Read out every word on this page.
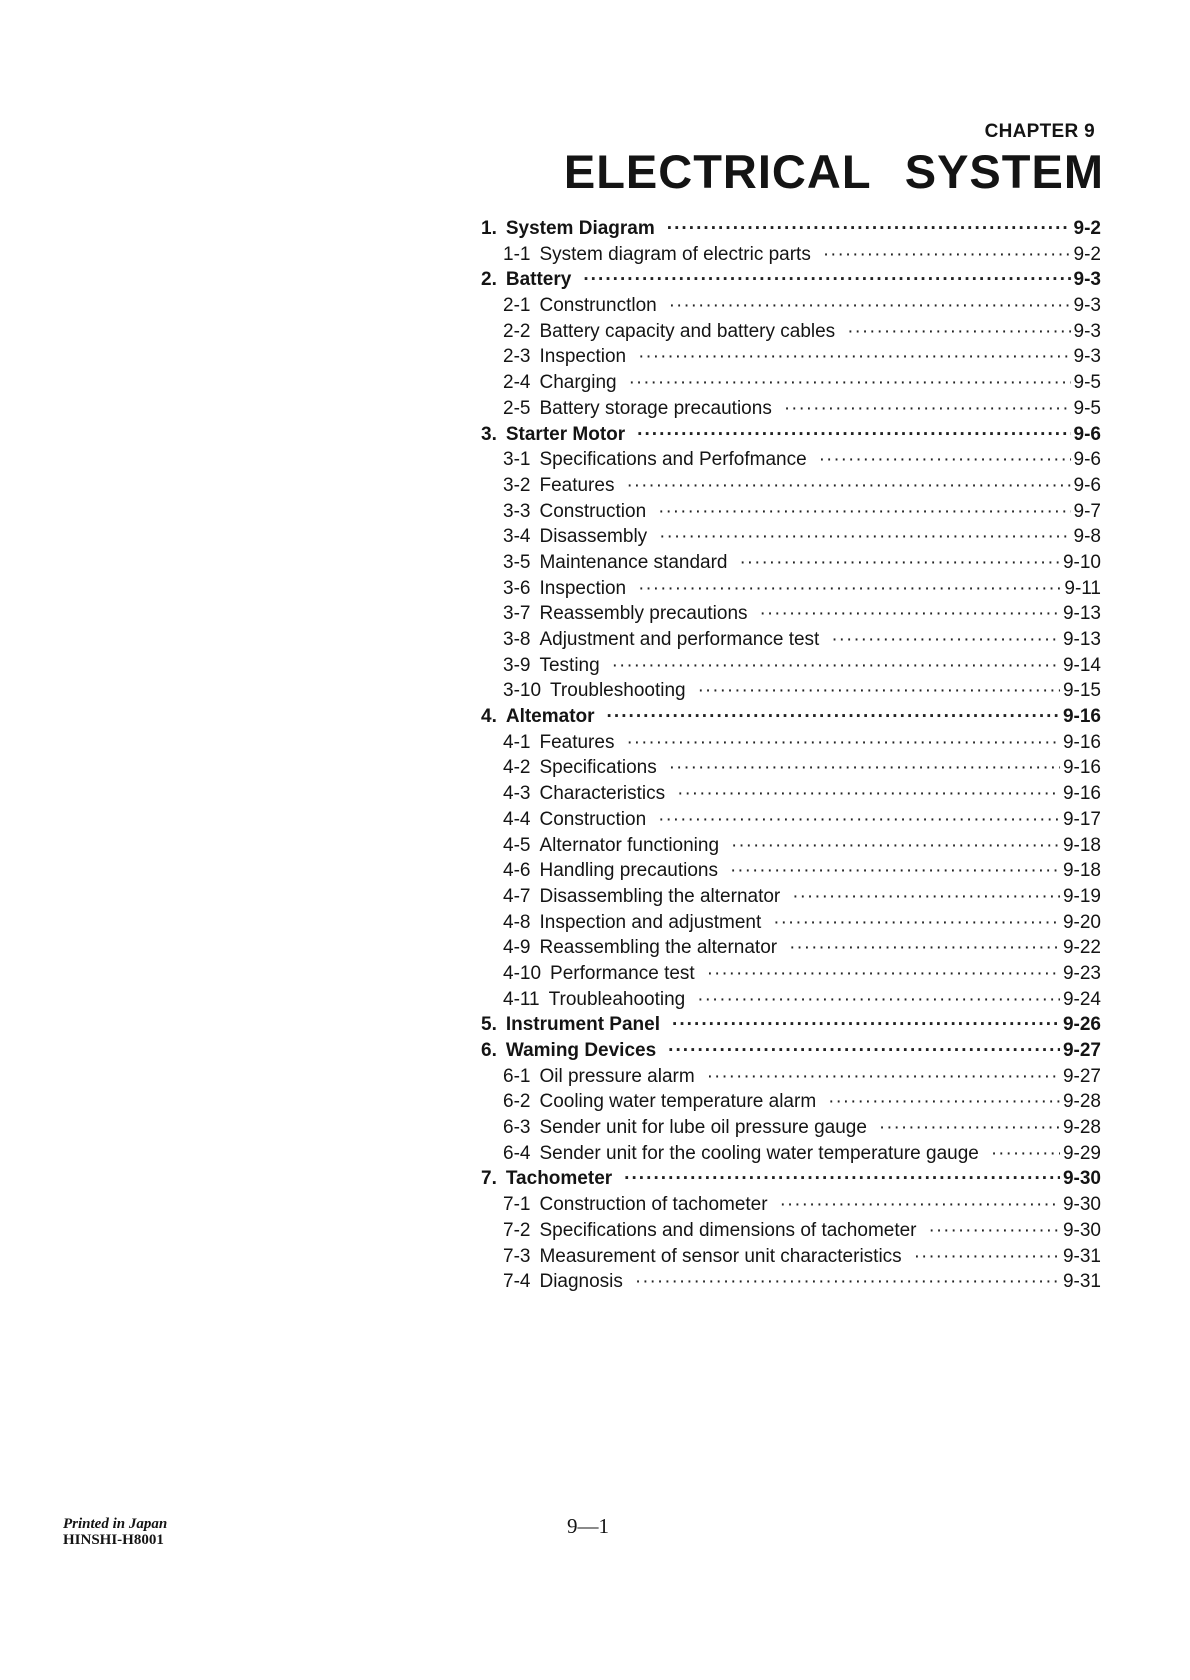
CHAPTER 9
ELECTRICAL SYSTEM
1. System Diagram ·····	9-2
1-1 System diagram of electric parts ·····	9-2
2. Battery ·····	9-3
2-1 Construnctlon ·····	9-3
2-2 Battery capacity and battery cables ·····	9-3
2-3 Inspection ·····	9-3
2-4 Charging ·····	9-5
2-5 Battery storage precautions ·····	9-5
3. Starter Motor ·····	9-6
3-1 Specifications and Perfofmance ·····	9-6
3-2 Features ·····	9-6
3-3 Construction ·····	9-7
3-4 Disassembly ·····	9-8
3-5 Maintenance standard ·····	9-10
3-6 Inspection ·····	9-11
3-7 Reassembly precautions ·····	9-13
3-8 Adjustment and performance test ·····	9-13
3-9 Testing ·····	9-14
3-10 Troubleshooting ·····	9-15
4. Altemator ·····	9-16
4-1 Features ·····	9-16
4-2 Specifications ·····	9-16
4-3 Characteristics ·····	9-16
4-4 Construction ·····	9-17
4-5 Alternator functioning ·····	9-18
4-6 Handling precautions ·····	9-18
4-7 Disassembling the alternator ·····	9-19
4-8 Inspection and adjustment ·····	9-20
4-9 Reassembling the alternator ·····	9-22
4-10 Performance test ·····	9-23
4-11 Troubleahooting ·····	9-24
5. Instrument Panel ·····	9-26
6. Waming Devices ·····	9-27
6-1 Oil pressure alarm ·····	9-27
6-2 Cooling water temperature alarm ·····	9-28
6-3 Sender unit for lube oil pressure gauge ·····	9-28
6-4 Sender unit for the cooling water temperature gauge ·····	9-29
7. Tachometer ·····	9-30
7-1 Construction of tachometer ·····	9-30
7-2 Specifications and dimensions of tachometer ·····	9-30
7-3 Measurement of sensor unit characteristics ·····	9-31
7-4 Diagnosis ·····	9-31
Printed in Japan
HINSHI-H8001
9—1
